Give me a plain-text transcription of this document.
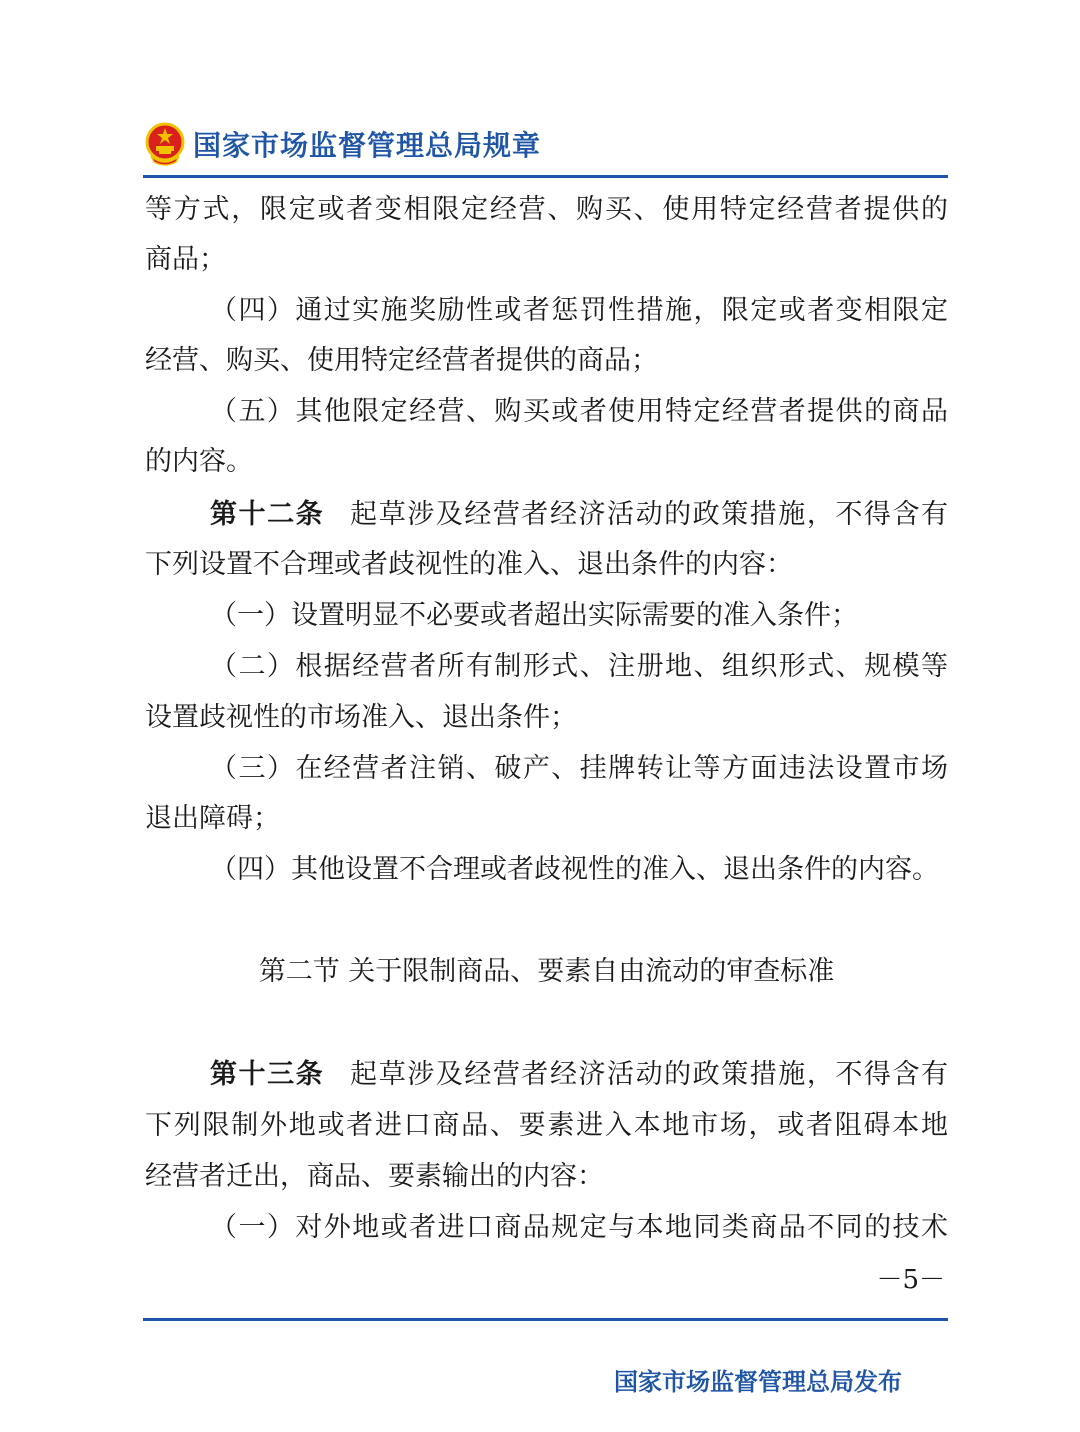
国家市场监督管理总局规章
等方式，限定或者变相限定经营、购买、使用特定经营者提供的
商品；
（四）通过实施奖励性或者惩罚性措施，限定或者变相限定
经营、购买、使用特定经营者提供的商品；
（五）其他限定经营、购买或者使用特定经营者提供的商品
的内容。
第十二条 起草涉及经营者经济活动的政策措施，不得含有
下列设置不合理或者歧视性的准入、退出条件的内容：
（一）设置明显不必要或者超出实际需要的准入条件；
（二）根据经营者所有制形式、注册地、组织形式、规模等
设置歧视性的市场准入、退出条件；
（三）在经营者注销、破产、挂牌转让等方面违法设置市场
退出障碍；
（四）其他设置不合理或者歧视性的准入、退出条件的内容。
第二节 关于限制商品、要素自由流动的审查标准
第十三条 起草涉及经营者经济活动的政策措施，不得含有
下列限制外地或者进口商品、要素进入本地市场，或者阻碍本地
经营者迁出，商品、要素输出的内容：
（一）对外地或者进口商品规定与本地同类商品不同的技术
－5－
国家市场监督管理总局发布
